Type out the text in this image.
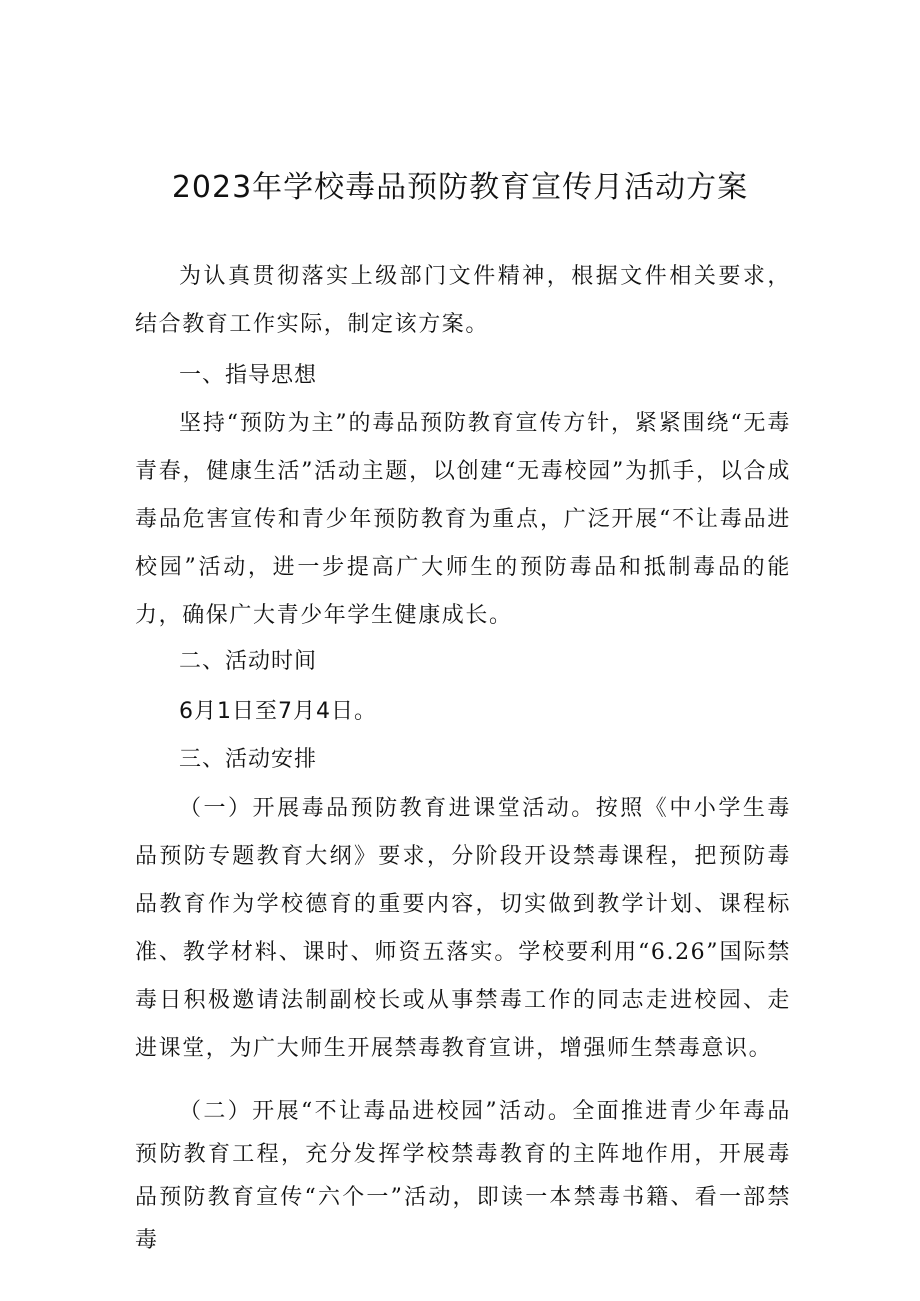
2023年学校毒品预防教育宣传月活动方案
为认真贯彻落实上级部门文件精神，根据文件相关要求，结合教育工作实际，制定该方案。
一、指导思想
坚持“预防为主”的毒品预防教育宣传方针，紧紧围绕“无毒青春，健康生活”活动主题，以创建“无毒校园”为抓手，以合成毒品危害宣传和青少年预防教育为重点，广泛开展“不让毒品进校园”活动，进一步提高广大师生的预防毒品和抵制毒品的能力，确保广大青少年学生健康成长。
二、活动时间
6月1日至7月4日。
三、活动安排
（一）开展毒品预防教育进课堂活动。按照《中小学生毒品预防专题教育大纲》要求，分阶段开设禁毒课程，把预防毒品教育作为学校德育的重要内容，切实做到教学计划、课程标准、教学材料、课时、师资五落实。学校要利用“6.26”国际禁毒日积极邀请法制副校长或从事禁毒工作的同志走进校园、走进课堂，为广大师生开展禁毒教育宣讲，增强师生禁毒意识。
（二）开展“不让毒品进校园”活动。全面推进青少年毒品预防教育工程，充分发挥学校禁毒教育的主阵地作用，开展毒品预防教育宣传“六个一”活动，即读一本禁毒书籍、看一部禁毒
